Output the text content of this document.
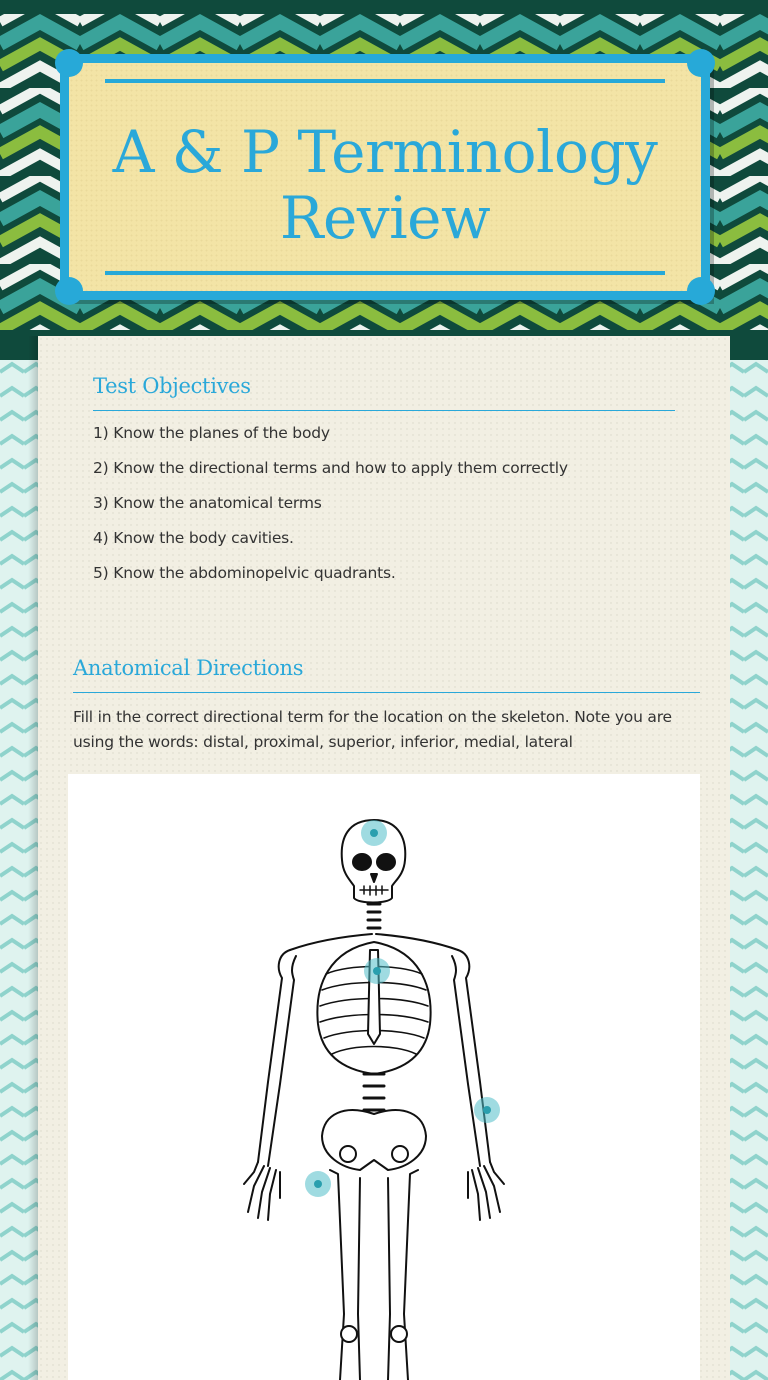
A & P Terminology
Review
Test Objectives
1) Know the planes of the body
2) Know the directional terms and how to apply them correctly
3) Know the anatomical terms
4) Know the body cavities.
5) Know the abdominopelvic quadrants.
Anatomical Directions
Fill in the correct directional term for the location on the skeleton. Note you are using the words: distal, proximal, superior, inferior, medial, lateral
